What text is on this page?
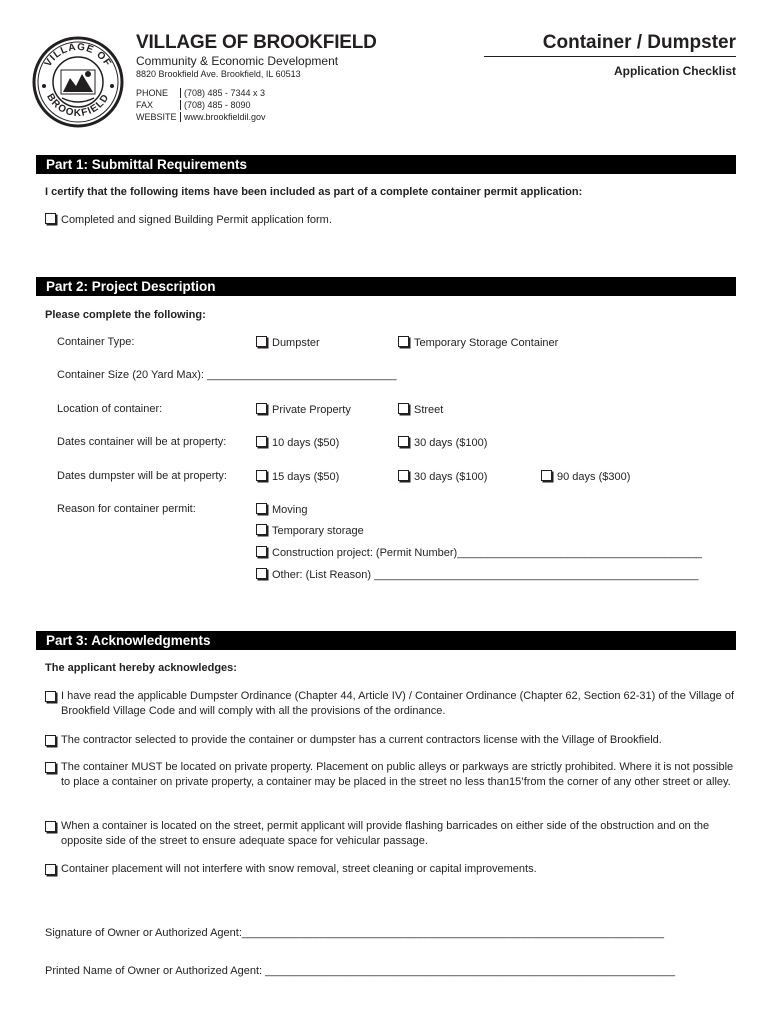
VILLAGE OF
BROOKFIELD
VILLAGE OF BROOKFIELD
Community & Economic Development
8820 Brookfield Ave. Brookfield, IL 60513
PHONE (708) 485 - 7344 x 3
FAX	(708) 485 - 8090
WEBSITE www.brookfieldil.gov
Container / Dumpster
Application Checklist
Part 1: Submittal Requirements
I certify that the following items have been included as part of a complete container permit application:
Completed and signed Building Permit application form.
Part 2: Project Description
Please complete the following:
Container Type:	Dumpster	Temporary Storage Container
Container Size (20 Yard Max): _______________________________
Location of container:	Private Property	Street
Dates container will be at property:	10 days ($50)	30 days ($100)
Dates dumpster will be at property:	15 days ($50)	30 days ($100)	90 days ($300)
Reason for container permit:	Moving
Temporary storage
Construction project: (Permit Number)________________________________________
Other: (List Reason) _____________________________________________________
Part 3: Acknowledgments
The applicant hereby acknowledges:
I have read the applicable Dumpster Ordinance (Chapter 44, Article IV) / Container Ordinance (Chapter 62, Section 62-31) of the Village of Brookfield Village Code and will comply with all the provisions of the ordinance.
The contractor selected to provide the container or dumpster has a current contractors license with the Village of Brookfield.
The container MUST be located on private property. Placement on public alleys or parkways are strictly prohibited. Where it is not possible to place a container on private property, a container may be placed in the street no less than15’from the corner of any other street or alley.
When a container is located on the street, permit applicant will provide flashing barricades on either side of the obstruction and on the opposite side of the street to ensure adequate space for vehicular passage.
Container placement will not interfere with snow removal, street cleaning or capital improvements.
Signature of Owner or Authorized Agent:_____________________________________________________________________
Printed Name of Owner or Authorized Agent: ___________________________________________________________________
